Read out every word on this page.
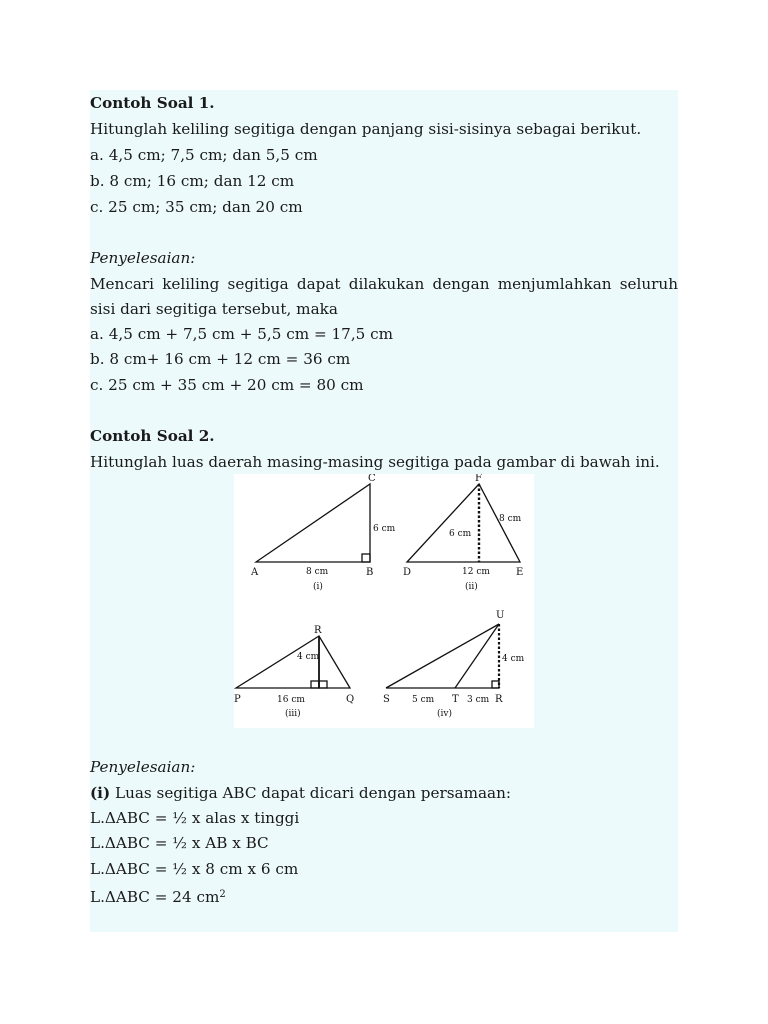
Contoh Soal 1.
Hitunglah keliling segitiga dengan panjang sisi-sisinya sebagai berikut.
a. 4,5 cm; 7,5 cm; dan 5,5 cm
b. 8 cm; 16 cm; dan 12 cm
c. 25 cm; 35 cm; dan 20 cm
Penyelesaian:
Mencari keliling segitiga dapat dilakukan dengan menjumlahkan seluruh
sisi dari segitiga tersebut, maka
a. 4,5 cm + 7,5 cm + 5,5 cm = 17,5 cm
b. 8 cm+ 16 cm + 12 cm = 36 cm
c. 25 cm + 35 cm + 20 cm = 80 cm
Contoh Soal 2.
Hitunglah luas daerah masing-masing segitiga pada gambar di bawah ini.
C
6 cm
A	8 cm	B
(i)
F
8 cm
6 cm
D	12 cm	E
(ii)
R
4 cm
P	16 cm	Q
(iii)
U
4 cm
S 5 cm T 3 cm R
(iv)
Penyelesaian:
(i) Luas segitiga ABC dapat dicari dengan persamaan:
L.ΔABC = ½ x alas x tinggi
L.ΔABC = ½ x AB x BC
L.ΔABC = ½ x 8 cm x 6 cm
L.ΔABC = 24 $cm^2$
